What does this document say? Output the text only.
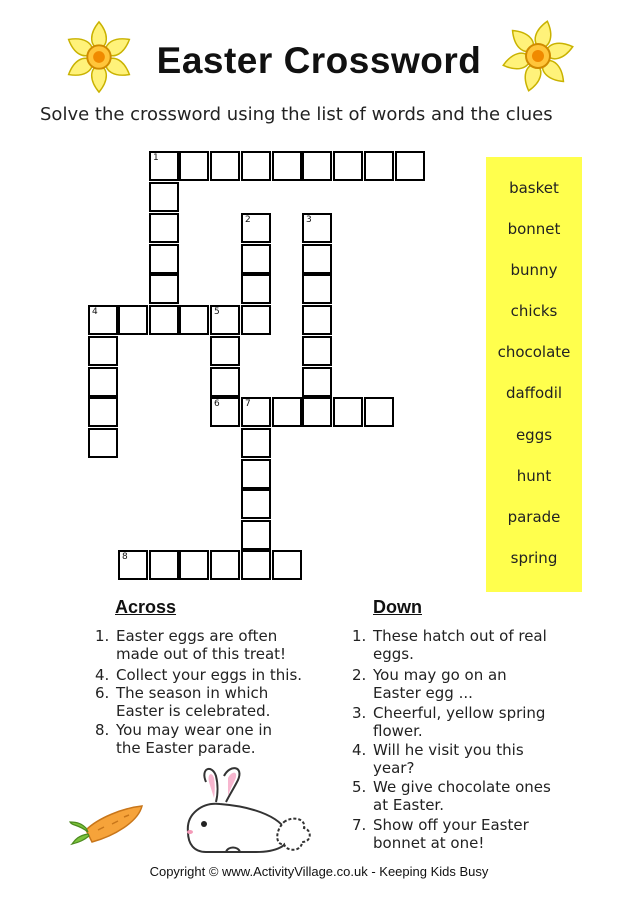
Easter Crossword
Solve the crossword using the list of words and the clues
1
2	3
4	5
6	7
8
basket
bonnet
bunny
chicks
chocolate
daffodil
eggs
hunt
parade
spring
Across
1. Easter eggs are often made out of this treat!
4. Collect your eggs in this.
6. The season in which Easter is celebrated.
8. You may wear one in the Easter parade.
Down
1. These hatch out of real eggs.
2. You may go on an Easter egg ...
3. Cheerful, yellow spring flower.
4. Will he visit you this year?
5. We give chocolate ones at Easter.
7. Show off your Easter bonnet at one!
Copyright © www.ActivityVillage.co.uk - Keeping Kids Busy
